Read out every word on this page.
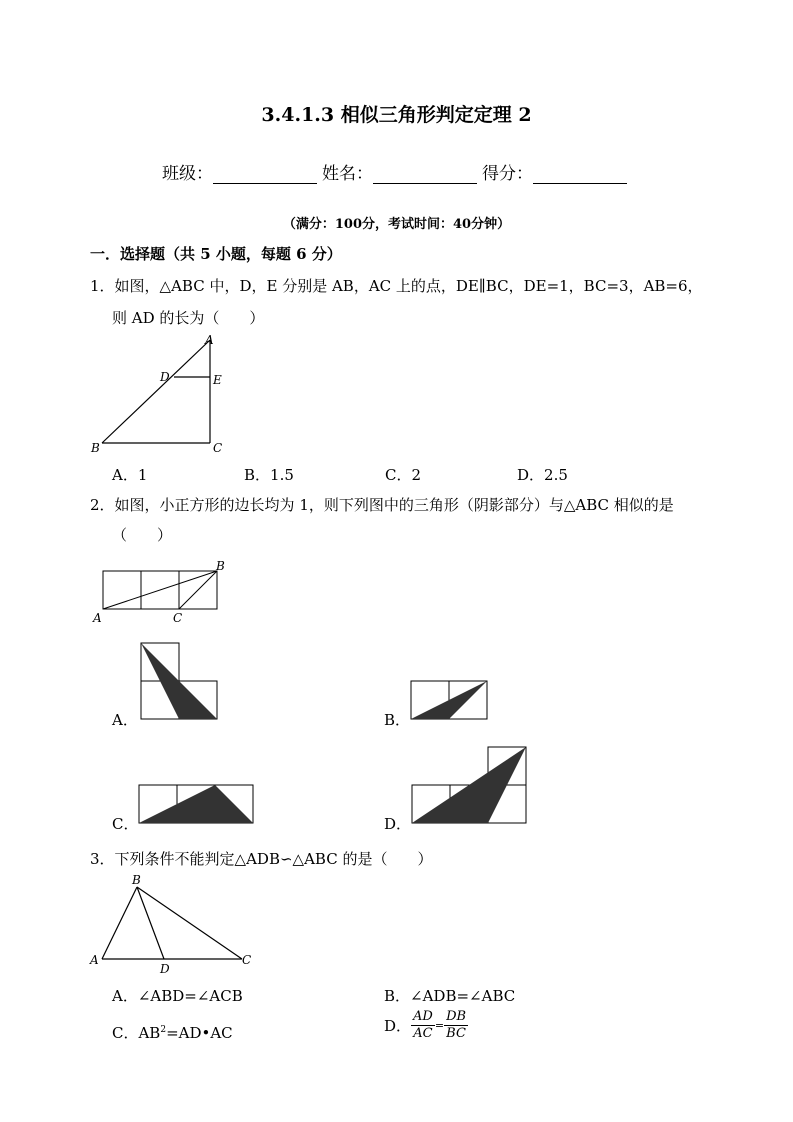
3.4.1.3 相似三角形判定定理 2
班级：	姓名：	得分：
（满分：100分，考试时间：40分钟）
一．选择题（共 5 小题，每题 6 分）
1．如图，△ABC 中，D，E 分别是 AB，AC 上的点，DE∥BC，DE=1，BC=3，AB=6，
则 AD 的长为（　　）
A
D	E
B	C
A．1	B．1.5	C．2	D．2.5
2．如图，小正方形的边长均为 1，则下列图中的三角形（阴影部分）与△ABC 相似的是
（　　）
B
A	C
A．	B．
C．	D．
3．下列条件不能判定△ADB∽△ABC 的是（　　）
B
A
D
C
A．∠ABD=∠ACB	B．∠ADB=∠ABC
C．$AB^2=AD•AC$	D． $\frac{AD}{AC} = \frac{DB}{BC}$
